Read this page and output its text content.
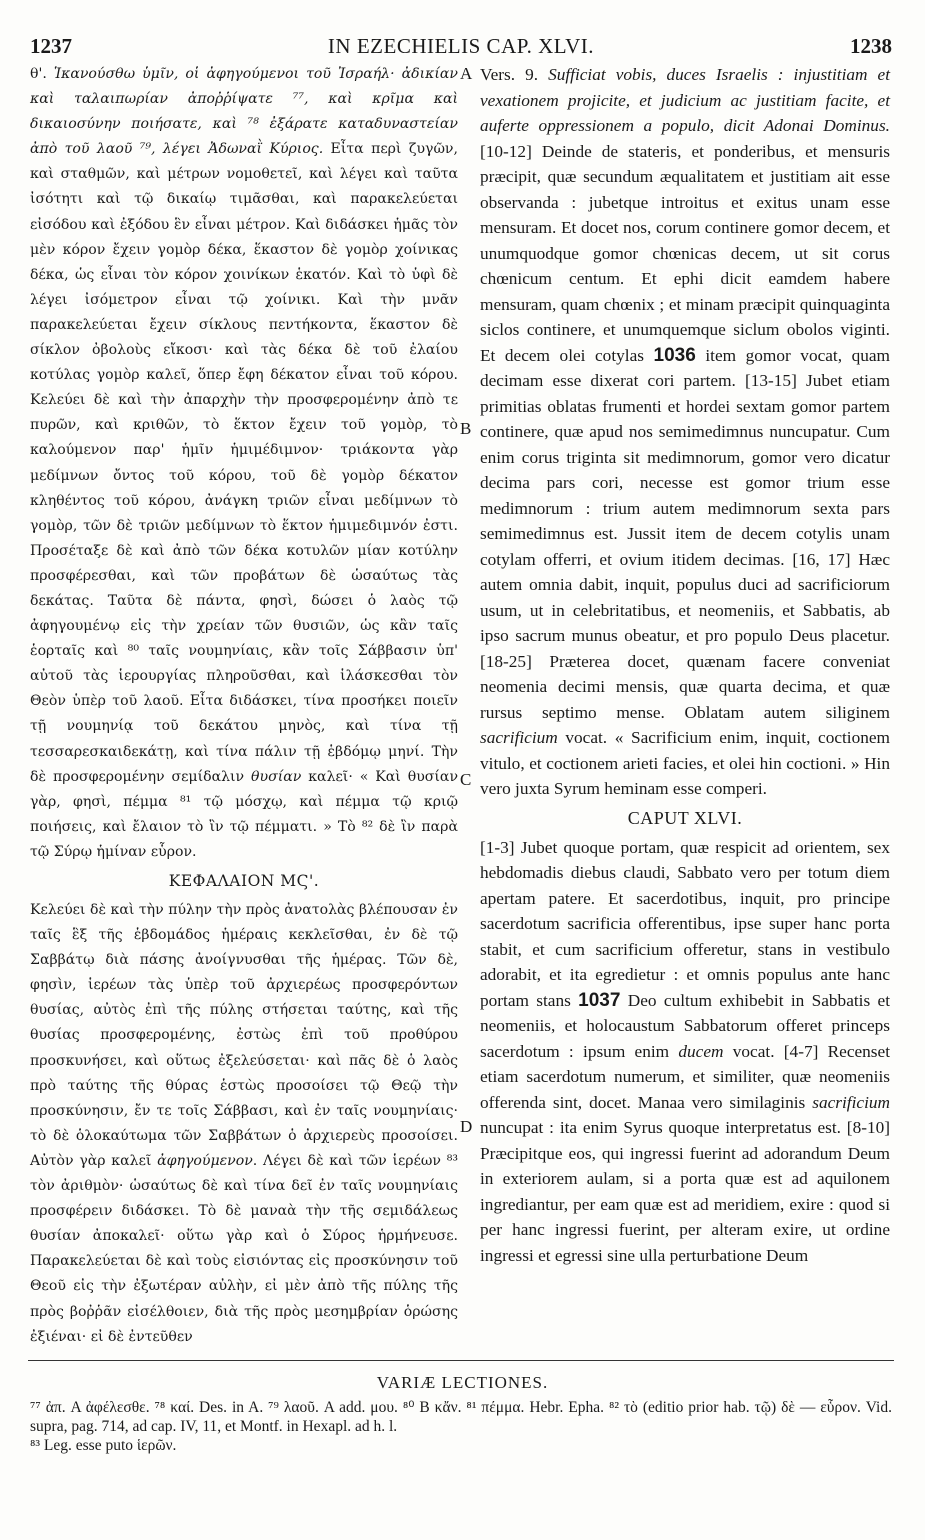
1237	IN EZECHIELIS CAP. XLVI.	1238

θ'. Ἱκανούσθω ὑμῖν, οἱ ἀφηγούμενοι τοῦ Ἰσραήλ· ἀδικίαν καὶ ταλαιπωρίαν ἀποῤῥίψατε ⁷⁷, καὶ κρῖμα καὶ δικαιοσύνην ποιήσατε, καὶ ⁷⁸ ἐξάρατε καταδυναστείαν ἀπὸ τοῦ λαοῦ ⁷⁹, λέγει Ἀδωναῒ Κύριος. Εἶτα περὶ ζυγῶν, καὶ σταθμῶν, καὶ μέτρων νομοθετεῖ, καὶ λέγει καὶ ταῦτα ἰσότητι καὶ τῷ δικαίῳ τιμᾶσθαι, καὶ παρακελεύεται εἰσόδου καὶ ἐξόδου ἓν εἶναι μέτρον. Καὶ διδάσκει ἡμᾶς τὸν μὲν κόρον ἔχειν γομὸρ δέκα, ἕκαστον δὲ γομὸρ χοίνικας δέκα, ὡς εἶναι τὸν κόρον χοινίκων ἑκατόν. Καὶ τὸ ὑφὶ δὲ λέγει ἰσόμετρον εἶναι τῷ χοίνικι. Καὶ τὴν μνᾶν παρακελεύεται ἔχειν σίκλους πεντήκοντα, ἕκαστον δὲ σίκλον ὀβολοὺς εἴκοσι· καὶ τὰς δέκα δὲ τοῦ ἐλαίου κοτύλας γομὸρ καλεῖ, ὅπερ ἔφη δέκατον εἶναι τοῦ κόρου. Κελεύει δὲ καὶ τὴν ἀπαρχὴν τὴν προσφερομένην ἀπὸ τε πυρῶν, καὶ κριθῶν, τὸ ἕκτον ἔχειν τοῦ γομὸρ, τὸ καλούμενον παρ' ἡμῖν ἡμιμέδιμνον· τριάκοντα γὰρ μεδίμνων ὄντος τοῦ κόρου, τοῦ δὲ γομὸρ δέκατον κληθέντος τοῦ κόρου, ἀνάγκη τριῶν εἶναι μεδίμνων τὸ γομὸρ, τῶν δὲ τριῶν μεδίμνων τὸ ἕκτον ἡμιμεδιμνόν ἐστι. Προσέταξε δὲ καὶ ἀπὸ τῶν δέκα κοτυλῶν μίαν κοτύλην προσφέρεσθαι, καὶ τῶν προβάτων δὲ ὡσαύτως τὰς δεκάτας. Ταῦτα δὲ πάντα, φησὶ, δώσει ὁ λαὸς τῷ ἀφηγουμένῳ εἰς τὴν χρείαν τῶν θυσιῶν, ὡς κἂν ταῖς ἑορταῖς καὶ ⁸⁰ ταῖς νουμηνίαις, κἂν τοῖς Σάββασιν ὑπ' αὐτοῦ τὰς ἱερουργίας πληροῦσθαι, καὶ ἱλάσκεσθαι τὸν Θεὸν ὑπὲρ τοῦ λαοῦ. Εἶτα διδάσκει, τίνα προσήκει ποιεῖν τῇ νουμηνίᾳ τοῦ δεκάτου μηνὸς, καὶ τίνα τῇ τεσσαρεσκαιδεκάτῃ, καὶ τίνα πάλιν τῇ ἑβδόμῳ μηνί. Τὴν δὲ προσφερομένην σεμίδαλιν θυσίαν καλεῖ· « Καὶ θυσίαν γὰρ, φησὶ, πέμμα ⁸¹ τῷ μόσχῳ, καὶ πέμμα τῷ κριῷ ποιήσεις, καὶ ἔλαιον τὸ ἲν τῷ πέμματι. » Τὸ ⁸² δὲ ἲν παρὰ τῷ Σύρῳ ἡμίναν εὗρον.

ΚΕΦΑΛΑΙΟΝ ΜϚ'.

Κελεύει δὲ καὶ τὴν πύλην τὴν πρὸς ἀνατολὰς βλέπουσαν ἐν ταῖς ἓξ τῆς ἑβδομάδος ἡμέραις κεκλεῖσθαι, ἐν δὲ τῷ Σαββάτῳ διὰ πάσης ἀνοίγνυσθαι τῆς ἡμέρας. Τῶν δὲ, φησὶν, ἱερέων τὰς ὑπὲρ τοῦ ἀρχιερέως προσφερόντων θυσίας, αὐτὸς ἐπὶ τῆς πύλης στήσεται ταύτης, καὶ τῆς θυσίας προσφερομένης, ἐστὼς ἐπὶ τοῦ προθύρου προσκυνήσει, καὶ οὕτως ἐξελεύσεται· καὶ πᾶς δὲ ὁ λαὸς πρὸ ταύτης τῆς θύρας ἑστὼς προσοίσει τῷ Θεῷ τὴν προσκύνησιν, ἔν τε τοῖς Σάββασι, καὶ ἐν ταῖς νουμηνίαις· τὸ δὲ ὁλοκαύτωμα τῶν Σαββάτων ὁ ἀρχιερεὺς προσοίσει. Αὐτὸν γὰρ καλεῖ ἀφηγούμενον. Λέγει δὲ καὶ τῶν ἱερέων ⁸³ τὸν ἀριθμὸν· ὡσαύτως δὲ καὶ τίνα δεῖ ἐν ταῖς νουμηνίαις προσφέρειν διδάσκει. Τὸ δὲ μαναὰ τὴν τῆς σεμιδάλεως θυσίαν ἀποκαλεῖ· οὕτω γὰρ καὶ ὁ Σύρος ἡρμήνευσε. Παρακελεύεται δὲ καὶ τοὺς εἰσιόντας εἰς προσκύνησιν τοῦ Θεοῦ εἰς τὴν ἐξωτέραν αὐλὴν, εἰ μὲν ἀπὸ τῆς πύλης τῆς πρὸς βοῤῥᾶν εἰσέλθοιεν, διὰ τῆς πρὸς μεσημβρίαν ὁρώσης ἐξιέναι· εἰ δὲ ἐντεῦθεν

A
B
C
D

Vers. 9. Sufficiat vobis, duces Israelis : injustitiam et vexationem projicite, et judicium ac justitiam facite, et auferte oppressionem a populo, dicit Adonai Dominus. [10-12] Deinde de stateris, et ponderibus, et mensuris præcipit, quæ secundum æqualitatem et justitiam ait esse observanda : jubetque introitus et exitus unam esse mensuram. Et docet nos, corum continere gomor decem, et unumquodque gomor chœnicas decem, ut sit corus chœnicum centum. Et ephi dicit eamdem habere mensuram, quam chœnix ; et minam præcipit quinquaginta siclos continere, et unumquemque siclum obolos viginti. Et decem olei cotylas 1036 item gomor vocat, quam decimam esse dixerat cori partem. [13-15] Jubet etiam primitias oblatas frumenti et hordei sextam gomor partem continere, quæ apud nos semimedimnus nuncupatur. Cum enim corus triginta sit medimnorum, gomor vero dicatur decima pars cori, necesse est gomor trium esse medimnorum : trium autem medimnorum sexta pars semimedimnus est. Jussit item de decem cotylis unam cotylam offerri, et ovium itidem decimas. [16, 17] Hæc autem omnia dabit, inquit, populus duci ad sacrificiorum usum, ut in celebritatibus, et neomeniis, et Sabbatis, ab ipso sacrum munus obeatur, et pro populo Deus placetur. [18-25] Præterea docet, quænam facere conveniat neomenia decimi mensis, quæ quarta decima, et quæ rursus septimo mense. Oblatam autem siliginem sacrificium vocat. « Sacrificium enim, inquit, coctionem vitulo, et coctionem arieti facies, et olei hin coctioni. » Hin vero juxta Syrum heminam esse comperi.

CAPUT XLVI.

[1-3] Jubet quoque portam, quæ respicit ad orientem, sex hebdomadis diebus claudi, Sabbato vero per totum diem apertam patere. Et sacerdotibus, inquit, pro principe sacerdotum sacrificia offerentibus, ipse super hanc porta stabit, et cum sacrificium offeretur, stans in vestibulo adorabit, et ita egredietur : et omnis populus ante hanc portam stans 1037 Deo cultum exhibebit in Sabbatis et neomeniis, et holocaustum Sabbatorum offeret princeps sacerdotum : ipsum enim ducem vocat. [4-7] Recenset etiam sacerdotum numerum, et similiter, quæ neomeniis offerenda sint, docet. Manaa vero similaginis sacrificium nuncupat : ita enim Syrus quoque interpretatus est. [8-10] Præcipitque eos, qui ingressi fuerint ad adorandum Deum in exteriorem aulam, si a porta quæ est ad aquilonem ingrediantur, per eam quæ est ad meridiem, exire : quod si per hanc ingressi fuerint, per alteram exire, ut ordine ingressi et egressi sine ulla perturbatione Deum

VARIÆ LECTIONES.

⁷⁷ ἀπ. A ἀφέλεσθε. ⁷⁸ καί. Des. in A. ⁷⁹ λαοῦ. A add. μου. ⁸⁰ B κἄν. ⁸¹ πέμμα. Hebr. Epha. ⁸² τὸ (editio prior hab. τῷ) δὲ — εὗρον. Vid. supra, pag. 714, ad cap. IV, 11, et Montf. in Hexapl. ad h. l.

⁸³ Leg. esse puto ἱερῶν.
